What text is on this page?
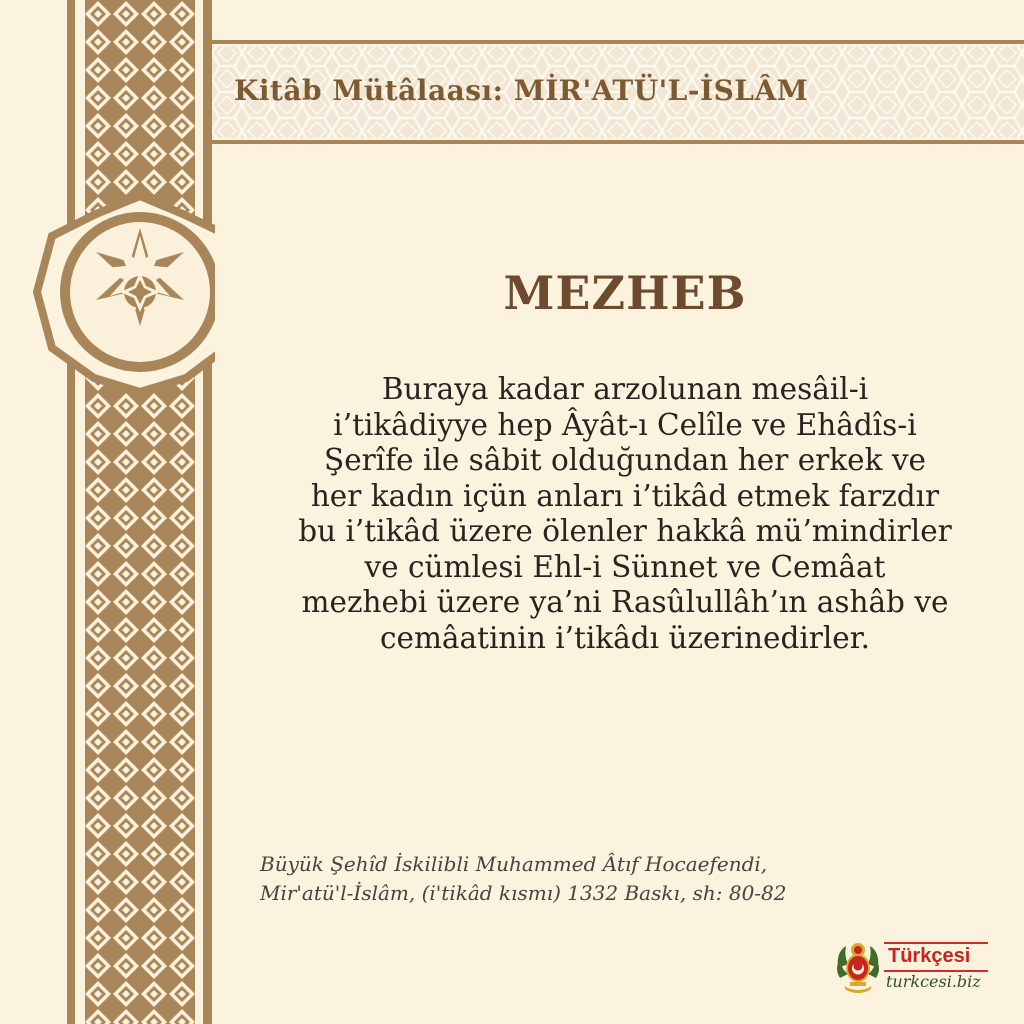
Kitâb Mütâlaası: MİR'ATÜ'L-İSLÂM
MEZHEB
Buraya kadar arzolunan mesâil-i
i’tikâdiyye hep Âyât-ı Celîle ve Ehâdîs-i
Şerîfe ile sâbit olduğundan her erkek ve
her kadın içün anları i’tikâd etmek farzdır
bu i’tikâd üzere ölenler hakkâ mü’mindirler
ve cümlesi Ehl-i Sünnet ve Cemâat
mezhebi üzere ya’ni Rasûlullâh’ın ashâb ve
cemâatinin i’tikâdı üzerinedirler.
Büyük Şehîd İskilibli Muhammed Âtıf Hocaefendi,
Mir'atü'l-İslâm, (i'tikâd kısmı) 1332 Baskı, sh: 80-82
Türkçesi
turkcesi.biz
